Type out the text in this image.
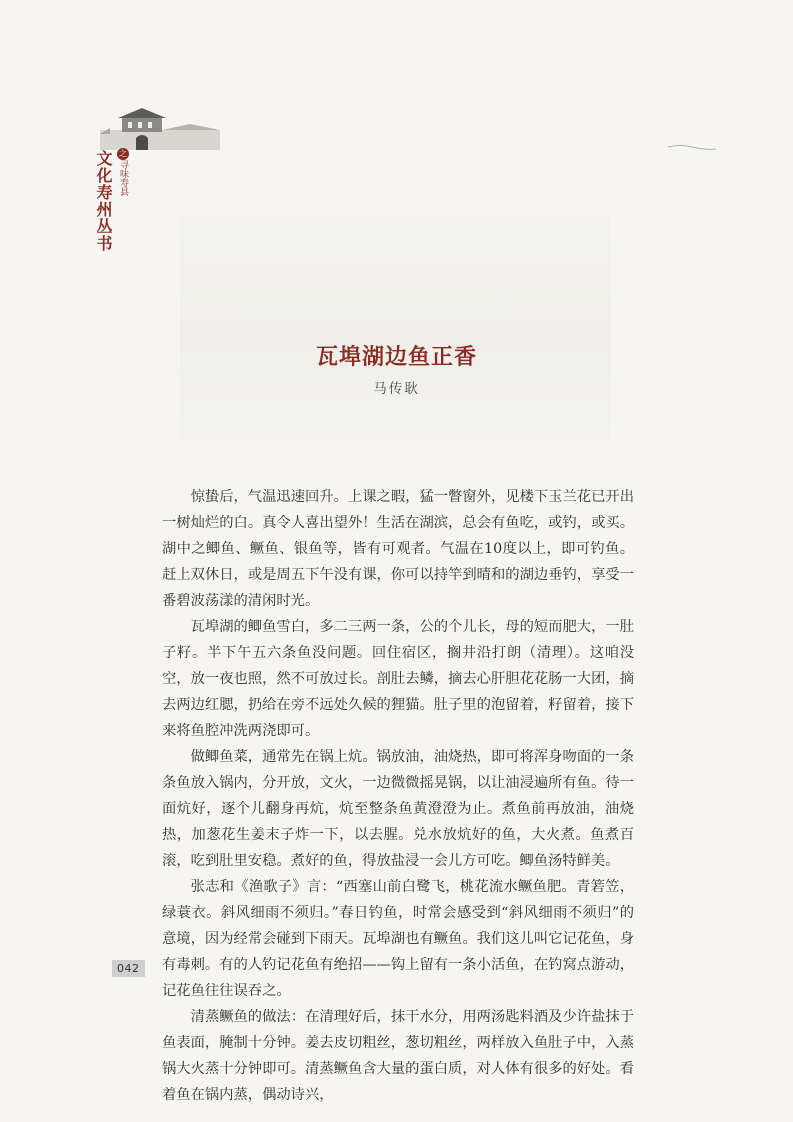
之
文化寿州丛书 寻味寿县
瓦埠湖边鱼正香
马传耿

惊蛰后，气温迅速回升。上课之暇，猛一瞥窗外，见楼下玉兰花已开出一树灿烂的白。真令人喜出望外！生活在湖滨，总会有鱼吃，或钓，或买。湖中之鲫鱼、鳜鱼、银鱼等，皆有可观者。气温在10度以上，即可钓鱼。赶上双休日，或是周五下午没有课，你可以持竿到晴和的湖边垂钓，享受一番碧波荡漾的清闲时光。

瓦埠湖的鲫鱼雪白，多二三两一条，公的个儿长，母的短而肥大，一肚子籽。半下午五六条鱼没问题。回住宿区，搁井沿打朗（清理）。这咱没空，放一夜也照，然不可放过长。剖肚去鳞，摘去心肝胆花花肠一大团，摘去两边红腮，扔给在旁不远处久候的狸猫。肚子里的泡留着，籽留着，接下来将鱼腔冲洗两浇即可。

做鲫鱼菜，通常先在锅上炕。锅放油，油烧热，即可将浑身吻面的一条条鱼放入锅内，分开放，文火，一边微微摇晃锅，以让油浸遍所有鱼。待一面炕好，逐个儿翻身再炕，炕至整条鱼黄澄澄为止。煮鱼前再放油，油烧热，加葱花生姜末子炸一下，以去腥。兑水放炕好的鱼，大火煮。鱼煮百滚，吃到肚里安稳。煮好的鱼，得放盐浸一会儿方可吃。鲫鱼汤特鲜美。

张志和《渔歌子》言：“西塞山前白鹭飞，桃花流水鳜鱼肥。青箬笠，绿蓑衣。斜风细雨不须归。”春日钓鱼，时常会感受到“斜风细雨不须归”的意境，因为经常会碰到下雨天。瓦埠湖也有鳜鱼。我们这儿叫它记花鱼，身有毒刺。有的人钓记花鱼有绝招——钩上留有一条小活鱼，在钓窝点游动，记花鱼往往误吞之。

清蒸鳜鱼的做法：在清理好后，抹干水分，用两汤匙料酒及少许盐抹于鱼表面，腌制十分钟。姜去皮切粗丝，葱切粗丝，两样放入鱼肚子中，入蒸锅大火蒸十分钟即可。清蒸鳜鱼含大量的蛋白质，对人体有很多的好处。看着鱼在锅内蒸，偶动诗兴，

042
